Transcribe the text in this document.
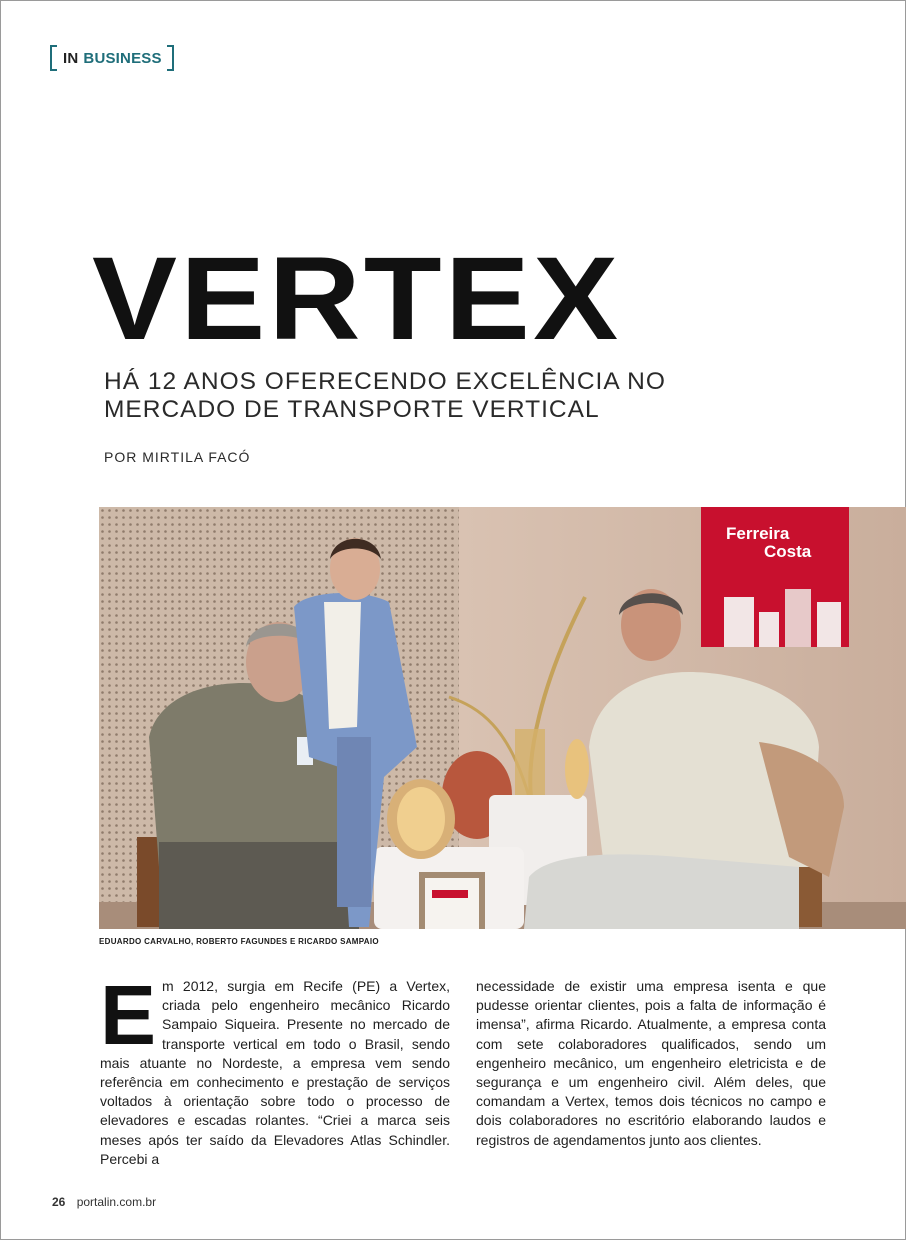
IN BUSINESS
VERTEX
HÁ 12 ANOS OFERECENDO EXCELÊNCIA NO
MERCADO DE TRANSPORTE VERTICAL
POR MIRTILA FACÓ
Ferreira
Costa
EDUARDO CARVALHO, ROBERTO FAGUNDES E RICARDO SAMPAIO

Em 2012, surgia em Recife (PE) a Vertex, criada pelo engenheiro mecânico Ricardo Sampaio Siqueira. Presente no mercado de transporte vertical em todo o Brasil, sendo mais atuante no Nordeste, a empresa vem sendo referência em conhecimento e prestação de serviços voltados à orientação sobre todo o processo de elevadores e escadas rolantes. “Criei a marca seis meses após ter saído da Elevadores Atlas Schindler. Percebi a

necessidade de existir uma empresa isenta e que pudesse orientar clientes, pois a falta de informação é imensa”, afirma Ricardo. Atualmente, a empresa conta com sete colaboradores qualificados, sendo um engenheiro mecânico, um engenheiro eletricista e de segurança e um engenheiro civil. Além deles, que comandam a Vertex, temos dois técnicos no campo e dois colaboradores no escritório elaborando laudos e registros de agendamentos junto aos clientes.

26 portalin.com.br
